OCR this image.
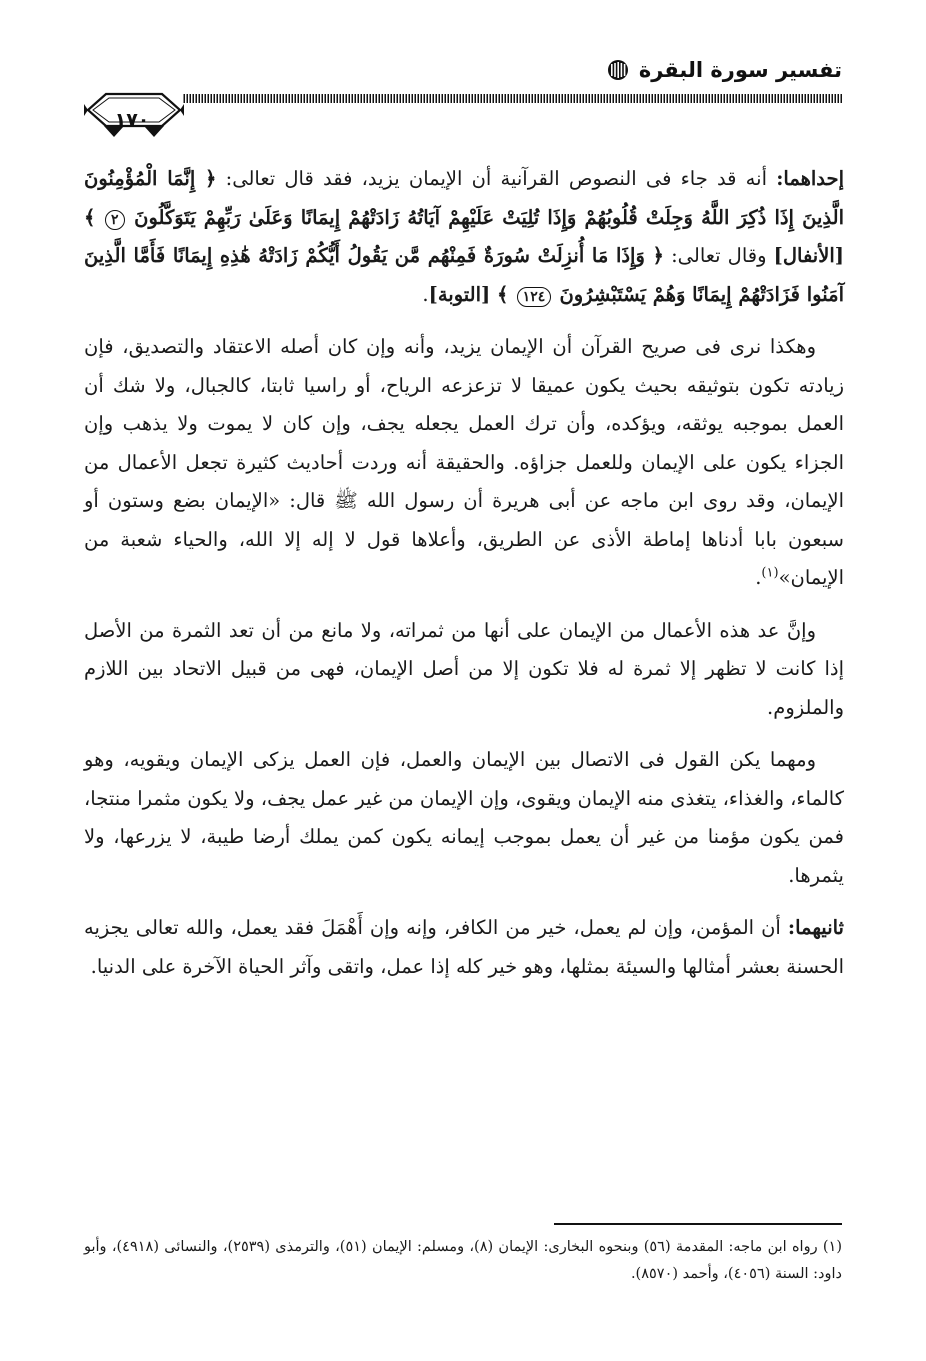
تفسير سورة البقرة
١٧٠

إحداهما: أنه قد جاء فى النصوص القرآنية أن الإيمان يزيد، فقد قال تعالى: ﴿ إِنَّمَا الْمُؤْمِنُونَ الَّذِينَ إِذَا ذُكِرَ اللَّهُ وَجِلَتْ قُلُوبُهُمْ وَإِذَا تُلِيَتْ عَلَيْهِمْ آيَاتُهُ زَادَتْهُمْ إِيمَانًا وَعَلَىٰ رَبِّهِمْ يَتَوَكَّلُونَ ٢ ﴾ [الأنفال] وقال تعالى: ﴿ وَإِذَا مَا أُنزِلَتْ سُورَةٌ فَمِنْهُم مَّن يَقُولُ أَيُّكُمْ زَادَتْهُ هَٰذِهِ إِيمَانًا فَأَمَّا الَّذِينَ آمَنُوا فَزَادَتْهُمْ إِيمَانًا وَهُمْ يَسْتَبْشِرُونَ ١٢٤ ﴾ [التوبة].

وهكذا نرى فى صريح القرآن أن الإيمان يزيد، وأنه وإن كان أصله الاعتقاد والتصديق، فإن زيادته تكون بتوثيقه بحيث يكون عميقا لا تزعزعه الرياح، أو راسيا ثابتا، كالجبال، ولا شك أن العمل بموجبه يوثقه، ويؤكده، وأن ترك العمل يجعله يجف، وإن كان لا يموت ولا يذهب وإن الجزاء يكون على الإيمان وللعمل جزاؤه. والحقيقة أنه وردت أحاديث كثيرة تجعل الأعمال من الإيمان، وقد روى ابن ماجه عن أبى هريرة أن رسول الله ﷺ قال: «الإيمان بضع وستون أو سبعون بابا أدناها إماطة الأذى عن الطريق، وأعلاها قول لا إله إلا الله، والحياء شعبة من الإيمان»$^{(١)}$.

وإنَّ عد هذه الأعمال من الإيمان على أنها من ثمراته، ولا مانع من أن تعد الثمرة من الأصل إذا كانت لا تظهر إلا ثمرة له فلا تكون إلا من أصل الإيمان، فهى من قبيل الاتحاد بين اللازم والملزوم.

ومهما يكن القول فى الاتصال بين الإيمان والعمل، فإن العمل يزكى الإيمان ويقويه، وهو كالماء، والغذاء، يتغذى منه الإيمان ويقوى، وإن الإيمان من غير عمل يجف، ولا يكون مثمرا منتجا، فمن يكون مؤمنا من غير أن يعمل بموجب إيمانه يكون كمن يملك أرضا طيبة، لا يزرعها، ولا يثمرها.

ثانيهما: أن المؤمن، وإن لم يعمل، خير من الكافر، وإنه وإن أَهْمَلَ فقد يعمل، والله تعالى يجزيه الحسنة بعشر أمثالها والسيئة بمثلها، وهو خير كله إذا عمل، واتقى وآثر الحياة الآخرة على الدنيا.

(١) رواه ابن ماجه: المقدمة (٥٦) وبنحوه البخارى: الإيمان (٨)، ومسلم: الإيمان (٥١)، والترمذى (٢٥٣٩)، والنسائى (٤٩١٨)، وأبو داود: السنة (٤٠٥٦)، وأحمد (٨٥٧٠).
